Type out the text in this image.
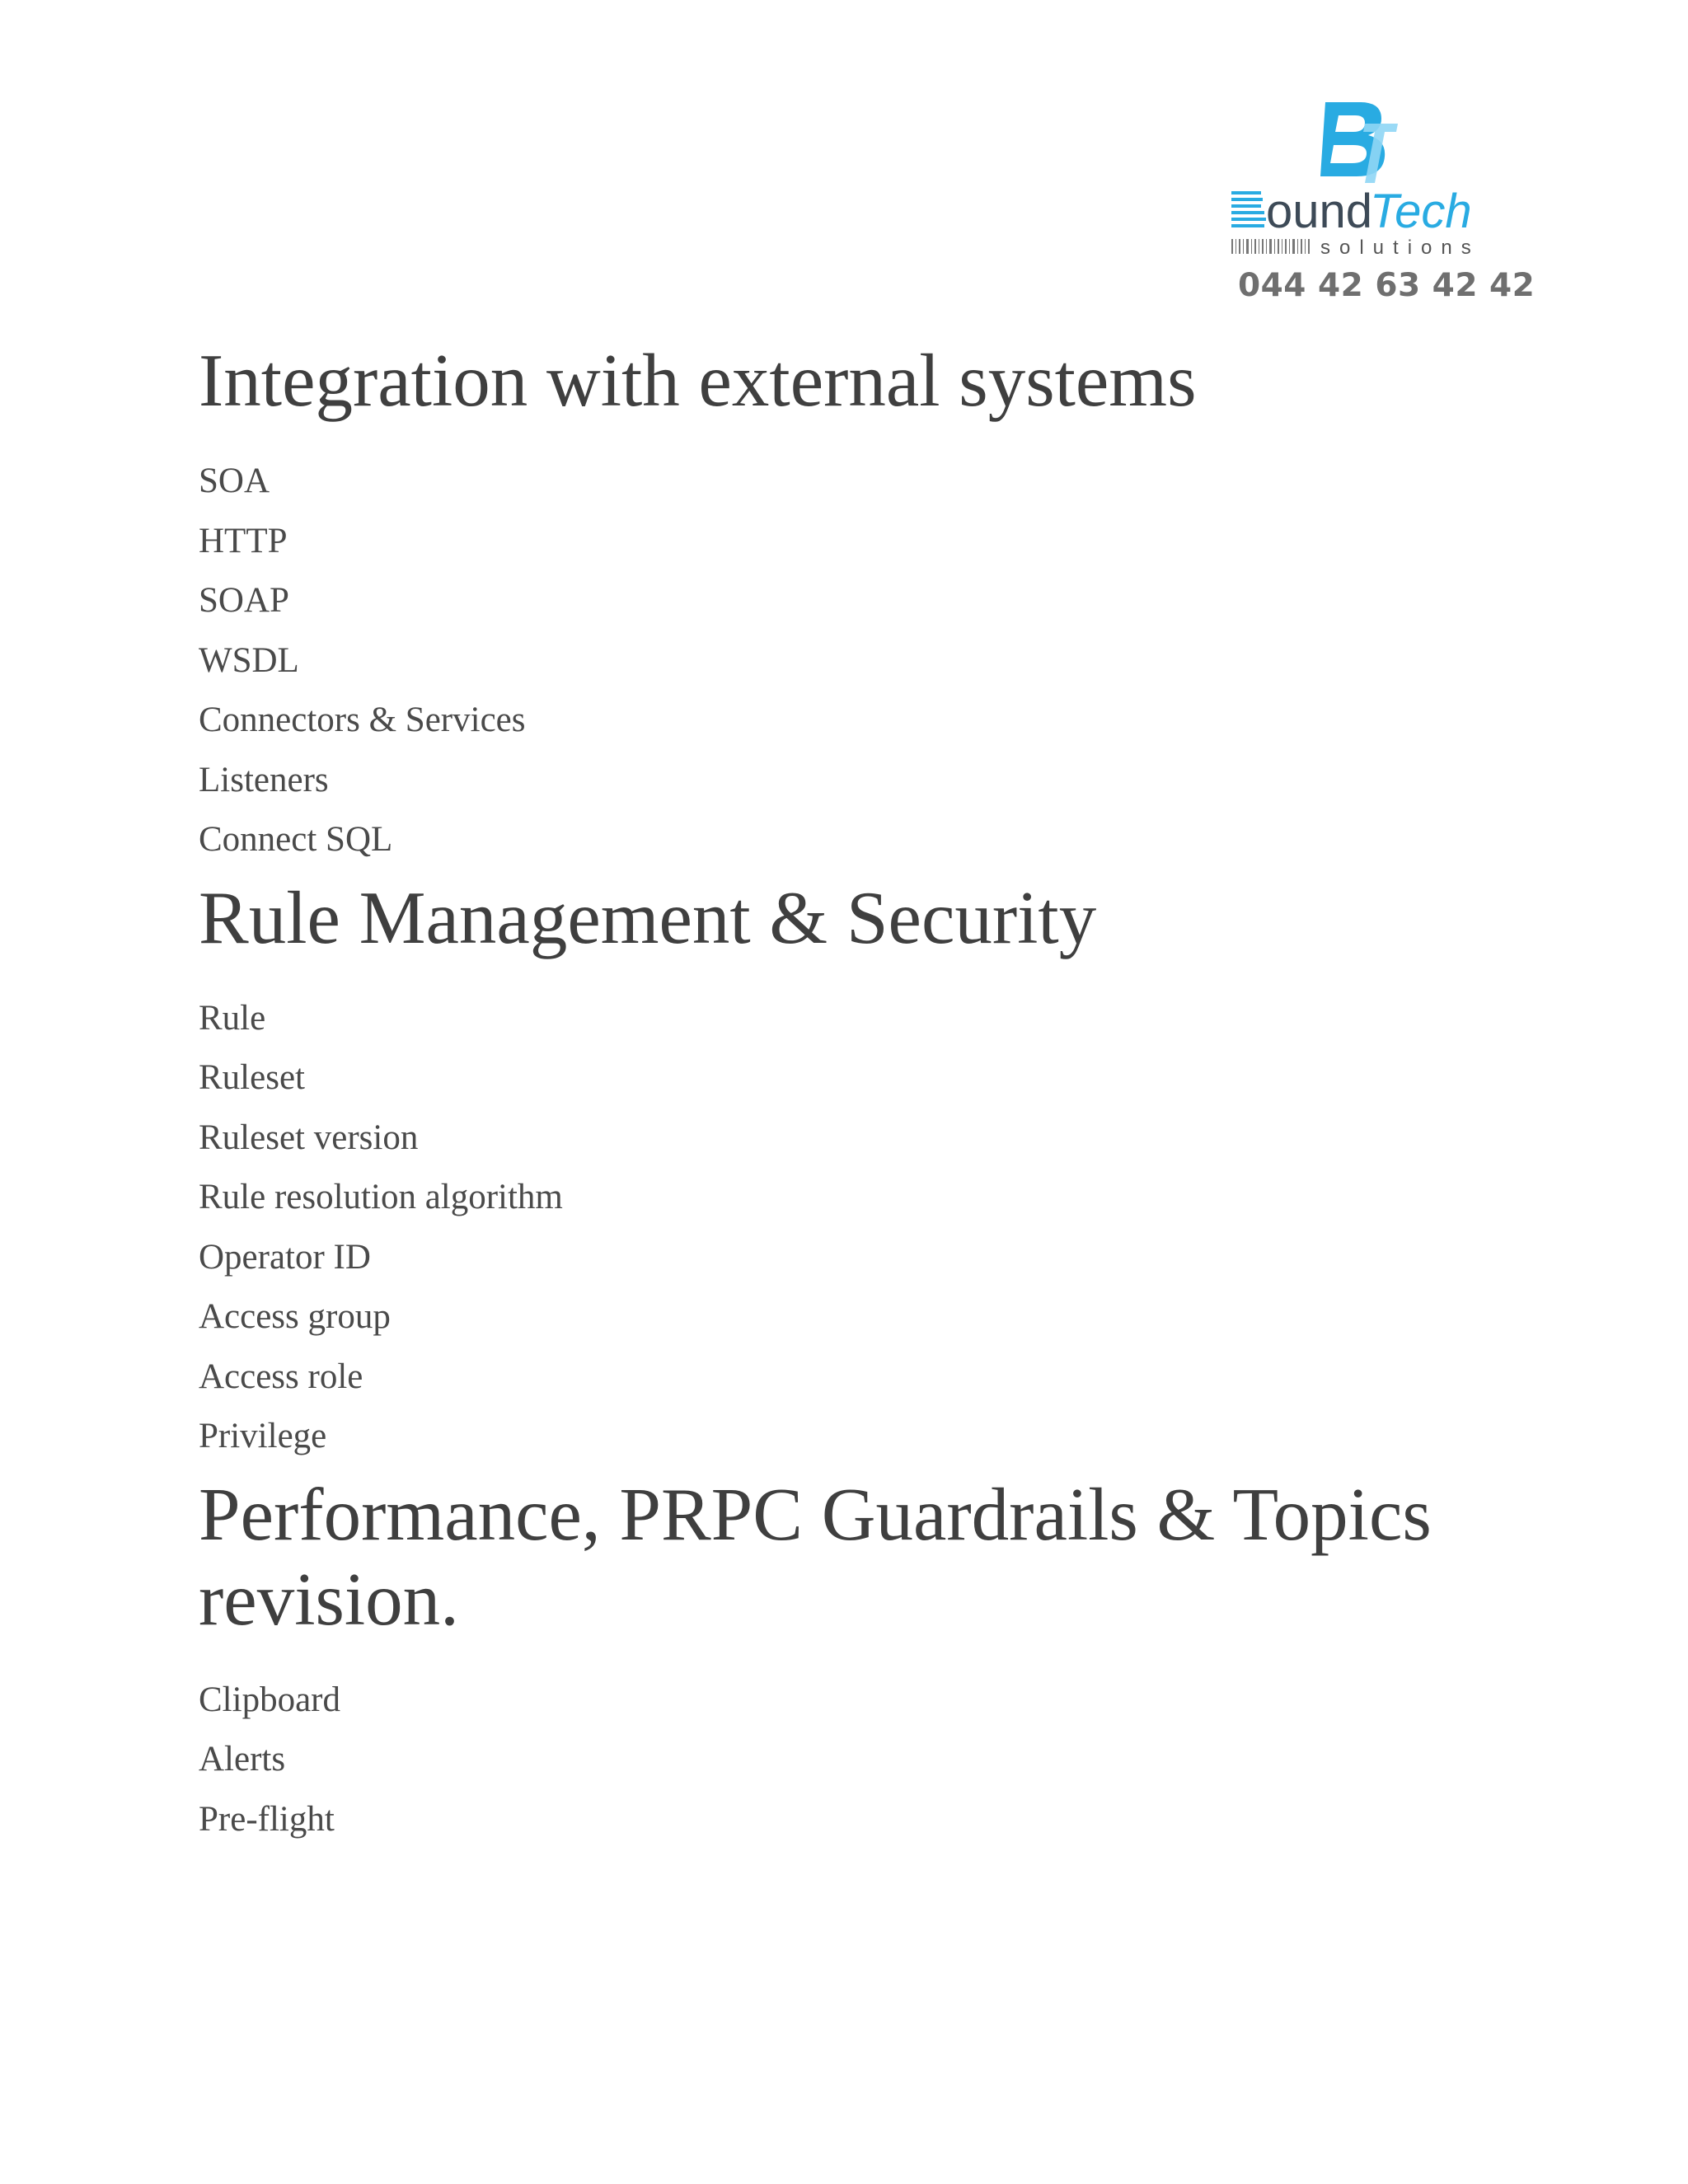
ound
Tech
solutions
044 42 63 42 42
Integration with external systems
SOA
HTTP
SOAP
WSDL
Connectors & Services
Listeners
Connect SQL
Rule Management & Security
Rule
Ruleset
Ruleset version
Rule resolution algorithm
Operator ID
Access group
Access role
Privilege
Performance, PRPC Guardrails & Topics revision.
Clipboard
Alerts
Pre-flight
